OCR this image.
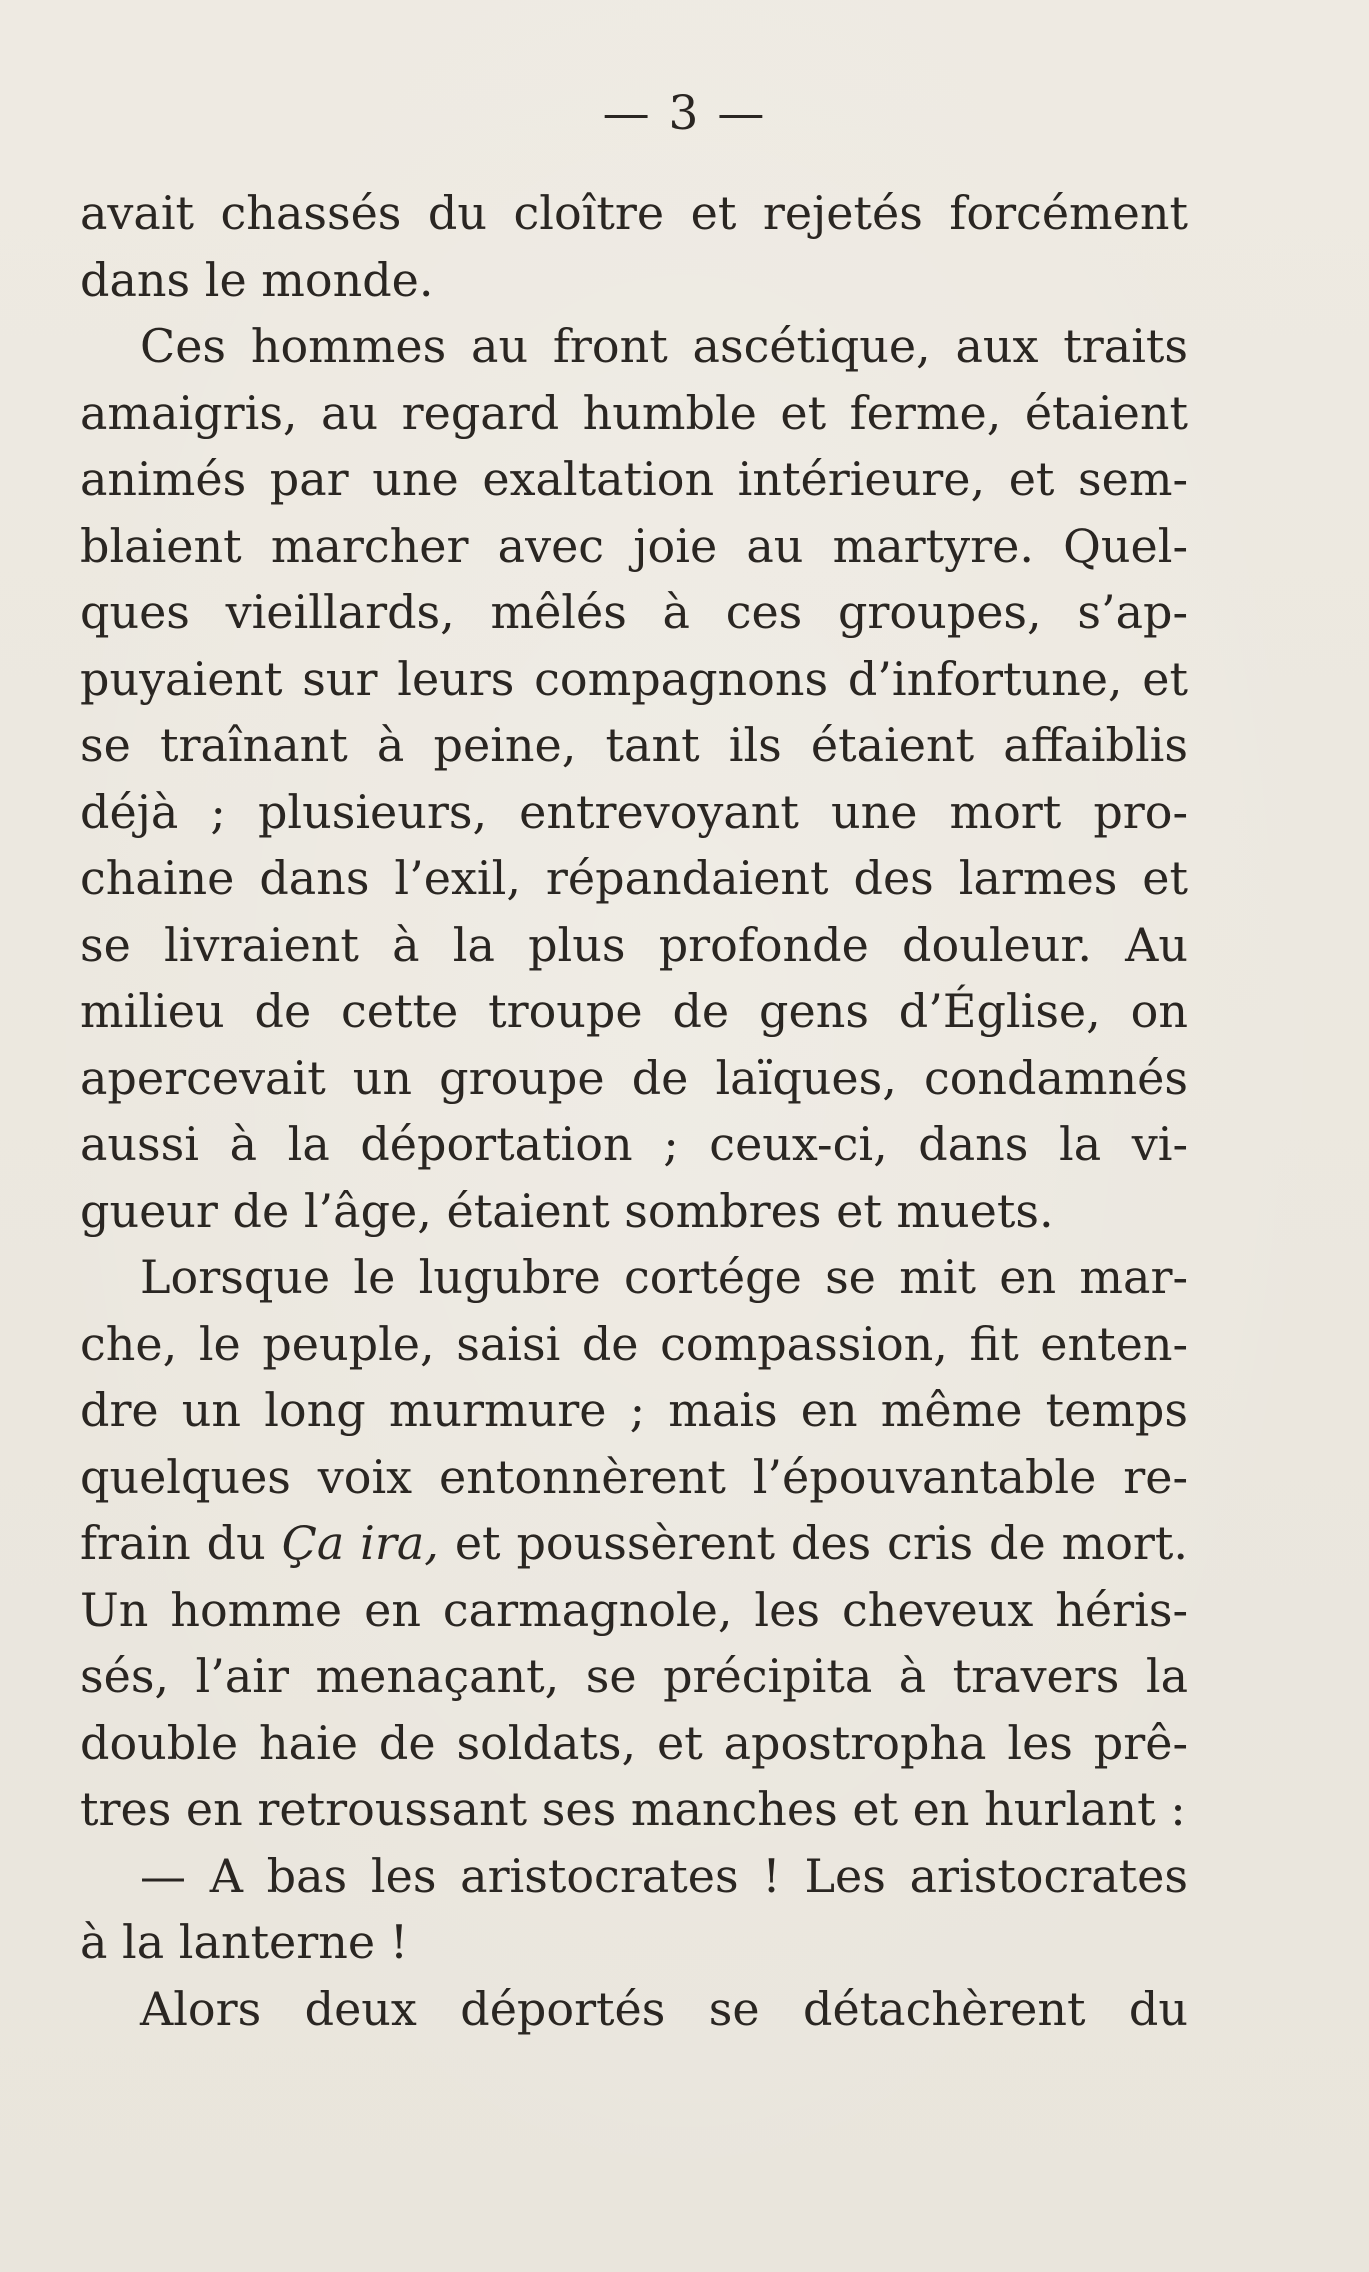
— 3 —

avait chassés du cloître et rejetés forcément
dans le monde.

Ces hommes au front ascétique, aux traits
amaigris, au regard humble et ferme, étaient
animés par une exaltation intérieure, et sem-
blaient marcher avec joie au martyre. Quel-
ques vieillards, mêlés à ces groupes, s’ap-
puyaient sur leurs compagnons d’infortune, et
se traînant à peine, tant ils étaient affaiblis
déjà ; plusieurs, entrevoyant une mort pro-
chaine dans l’exil, répandaient des larmes et
se livraient à la plus profonde douleur. Au
milieu de cette troupe de gens d’Église, on
apercevait un groupe de laïques, condamnés
aussi à la déportation ; ceux-ci, dans la vi-
gueur de l’âge, étaient sombres et muets.

Lorsque le lugubre cortége se mit en mar-
che, le peuple, saisi de compassion, fit enten-
dre un long murmure ; mais en même temps
quelques voix entonnèrent l’épouvantable re-
frain du Ça ira, et poussèrent des cris de mort.
Un homme en carmagnole, les cheveux héris-
sés, l’air menaçant, se précipita à travers la
double haie de soldats, et apostropha les prê-
tres en retroussant ses manches et en hurlant :

— A bas les aristocrates ! Les aristocrates
à la lanterne !

Alors deux déportés se détachèrent du
